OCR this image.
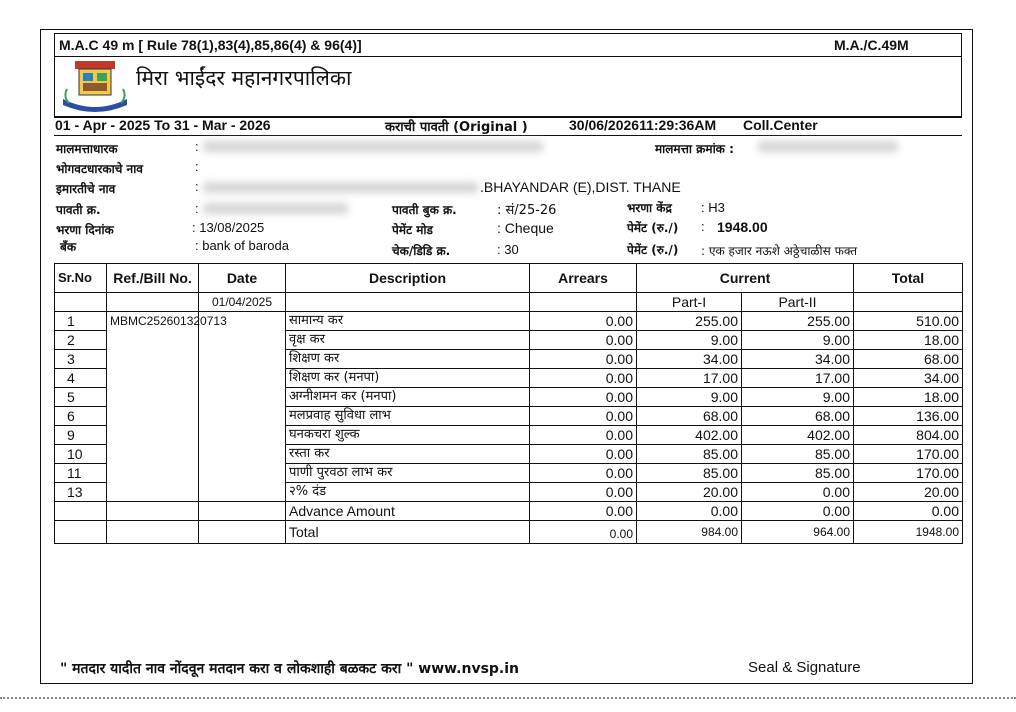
M.A.C 49 m [ Rule 78(1),83(4),85,86(4) & 96(4)]	M.A./C.49M
मिरा भाईंदर महानगरपालिका
01 - Apr - 2025 To 31 - Mar - 2026	कराची पावती (Original )	30/06/202611:29:36AM Coll.Center
मालमत्ताधारक	:
भोगवटधारकाचे नाव	:
इमारतीचे नाव	:	.BHAYANDAR (E),DIST. THANE
पावती क्र.	:
भरणा दिनांक	: 13/08/2025
बँक	: bank of baroda
मालमत्ता क्रमांक :
पावती बुक क्र.	: सं/25-26
पेमेंट मोड	: Cheque
चेक/डिडि क्र.	: 30
भरणा केंद्र : H3
पेमेंट (रु./) : 1948.00
पेमेंट (रु./) : एक हजार नऊशे अठ्ठेचाळीस फक्त
Sr.No	Ref./Bill No.	Date	Description	Arrears	Current		Total
		01/04/2025			Part-I	Part-II	
1	MBMC252601320713		सामान्य कर	0.00	255.00	255.00	510.00
2			वृक्ष कर	0.00	9.00	9.00	18.00
3			शिक्षण कर	0.00	34.00	34.00	68.00
4			शिक्षण कर (मनपा)	0.00	17.00	17.00	34.00
5			अग्नीशमन कर (मनपा)	0.00	9.00	9.00	18.00
6			मलप्रवाह सुविधा लाभ	0.00	68.00	68.00	136.00
9			घनकचरा शुल्क	0.00	402.00	402.00	804.00
10			रस्ता कर	0.00	85.00	85.00	170.00
11			पाणी पुरवठा लाभ कर	0.00	85.00	85.00	170.00
13			२% दंड	0.00	20.00	0.00	20.00
			Advance Amount	0.00	0.00	0.00	0.00
			Total	0.00	984.00	964.00	1948.00
" मतदार यादीत नाव नोंदवून मतदान करा व लोकशाही बळकट करा " www.nvsp.in	Seal & Signature
